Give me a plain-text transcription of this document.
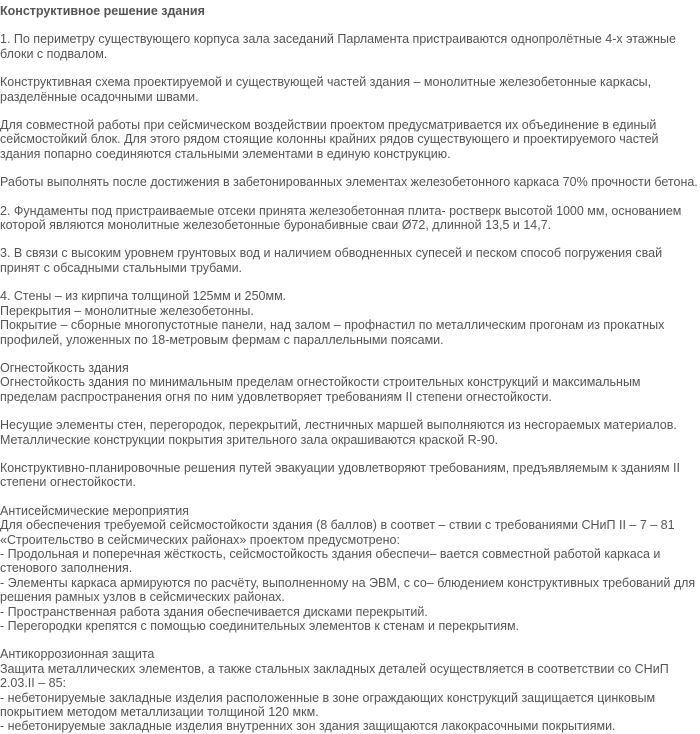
Конструктивное решение здания
1. По периметру существующего корпуса зала заседаний Парламента пристраиваются однопролётные 4-х этажные блоки с подвалом.
Конструктивная схема проектируемой и существующей частей здания – монолитные железобетонные каркасы, разделённые осадочными швами.
Для совместной работы при сейсмическом воздействии проектом предусматривается их объединение в единый сейсмостойкий блок. Для этого рядом стоящие колонны крайних рядов существующего и проектируемого частей здания попарно соединяются стальными элементами в единую конструкцию.
Работы выполнять после достижения в забетонированных элементах железобетонного каркаса 70% прочности бетона.
2. Фундаменты под пристраиваемые отсеки принята железобетонная плита- ростверк высотой 1000 мм, основанием которой являются монолитные железобетонные буронабивные сваи Ø72, длинной 13,5 и 14,7.
3. В связи с высоким уровнем грунтовых вод и наличием обводненных супесей и песком способ погружения свай принят с обсадными стальными трубами.
4. Стены – из кирпича толщиной 125мм и 250мм.
Перекрытия – монолитные железобетонны.
Покрытие – сборные многопустотные панели, над залом – профнастил по металлическим прогонам из прокатных профилей, уложенных по 18-метровым фермам с параллельными поясами.
Огнестойкость здания
Огнестойкость здания по минимальным пределам огнестойкости строительных конструкций и максимальным пределам распространения огня по ним удовлетворяет требованиям II степени огнестойкости.
Несущие элементы стен, перегородок, перекрытий, лестничных маршей выполняются из несгораемых материалов.
Металлические конструкции покрытия зрительного зала окрашиваются краской R-90.
Конструктивно-планировочные решения путей эвакуации удовлетворяют требованиям, предъявляемым к зданиям II степени огнестойкости.
Антисейсмические мероприятия
Для обеспечения требуемой сейсмостойкости здания (8 баллов) в соответ – ствии с требованиями СНиП II – 7 – 81 «Строительство в сейсмических районах» проектом предусмотрено:
- Продольная и поперечная жёсткость, сейсмостойкость здания обеспечи– вается совместной работой каркаса и стенового заполнения.
- Элементы каркаса армируются по расчёту, выполненному на ЭВМ, с со– блюдением конструктивных требований для решения рамных узлов в сейсмических районах.
- Пространственная работа здания обеспечивается дисками перекрытий.
- Перегородки крепятся с помощью соединительных элементов к стенам и перекрытиям.
Антикоррозионная защита
Защита металлических элементов, а также стальных закладных деталей осуществляется в соответствии со СНиП 2.03.II – 85:
- небетонируемые закладные изделия расположенные в зоне ограждающих конструкций защищается цинковым покрытием методом металлизации толщиной 120 мкм.
- небетонируемые закладные изделия внутренних зон здания защищаются лакокрасочными покрытиями.
